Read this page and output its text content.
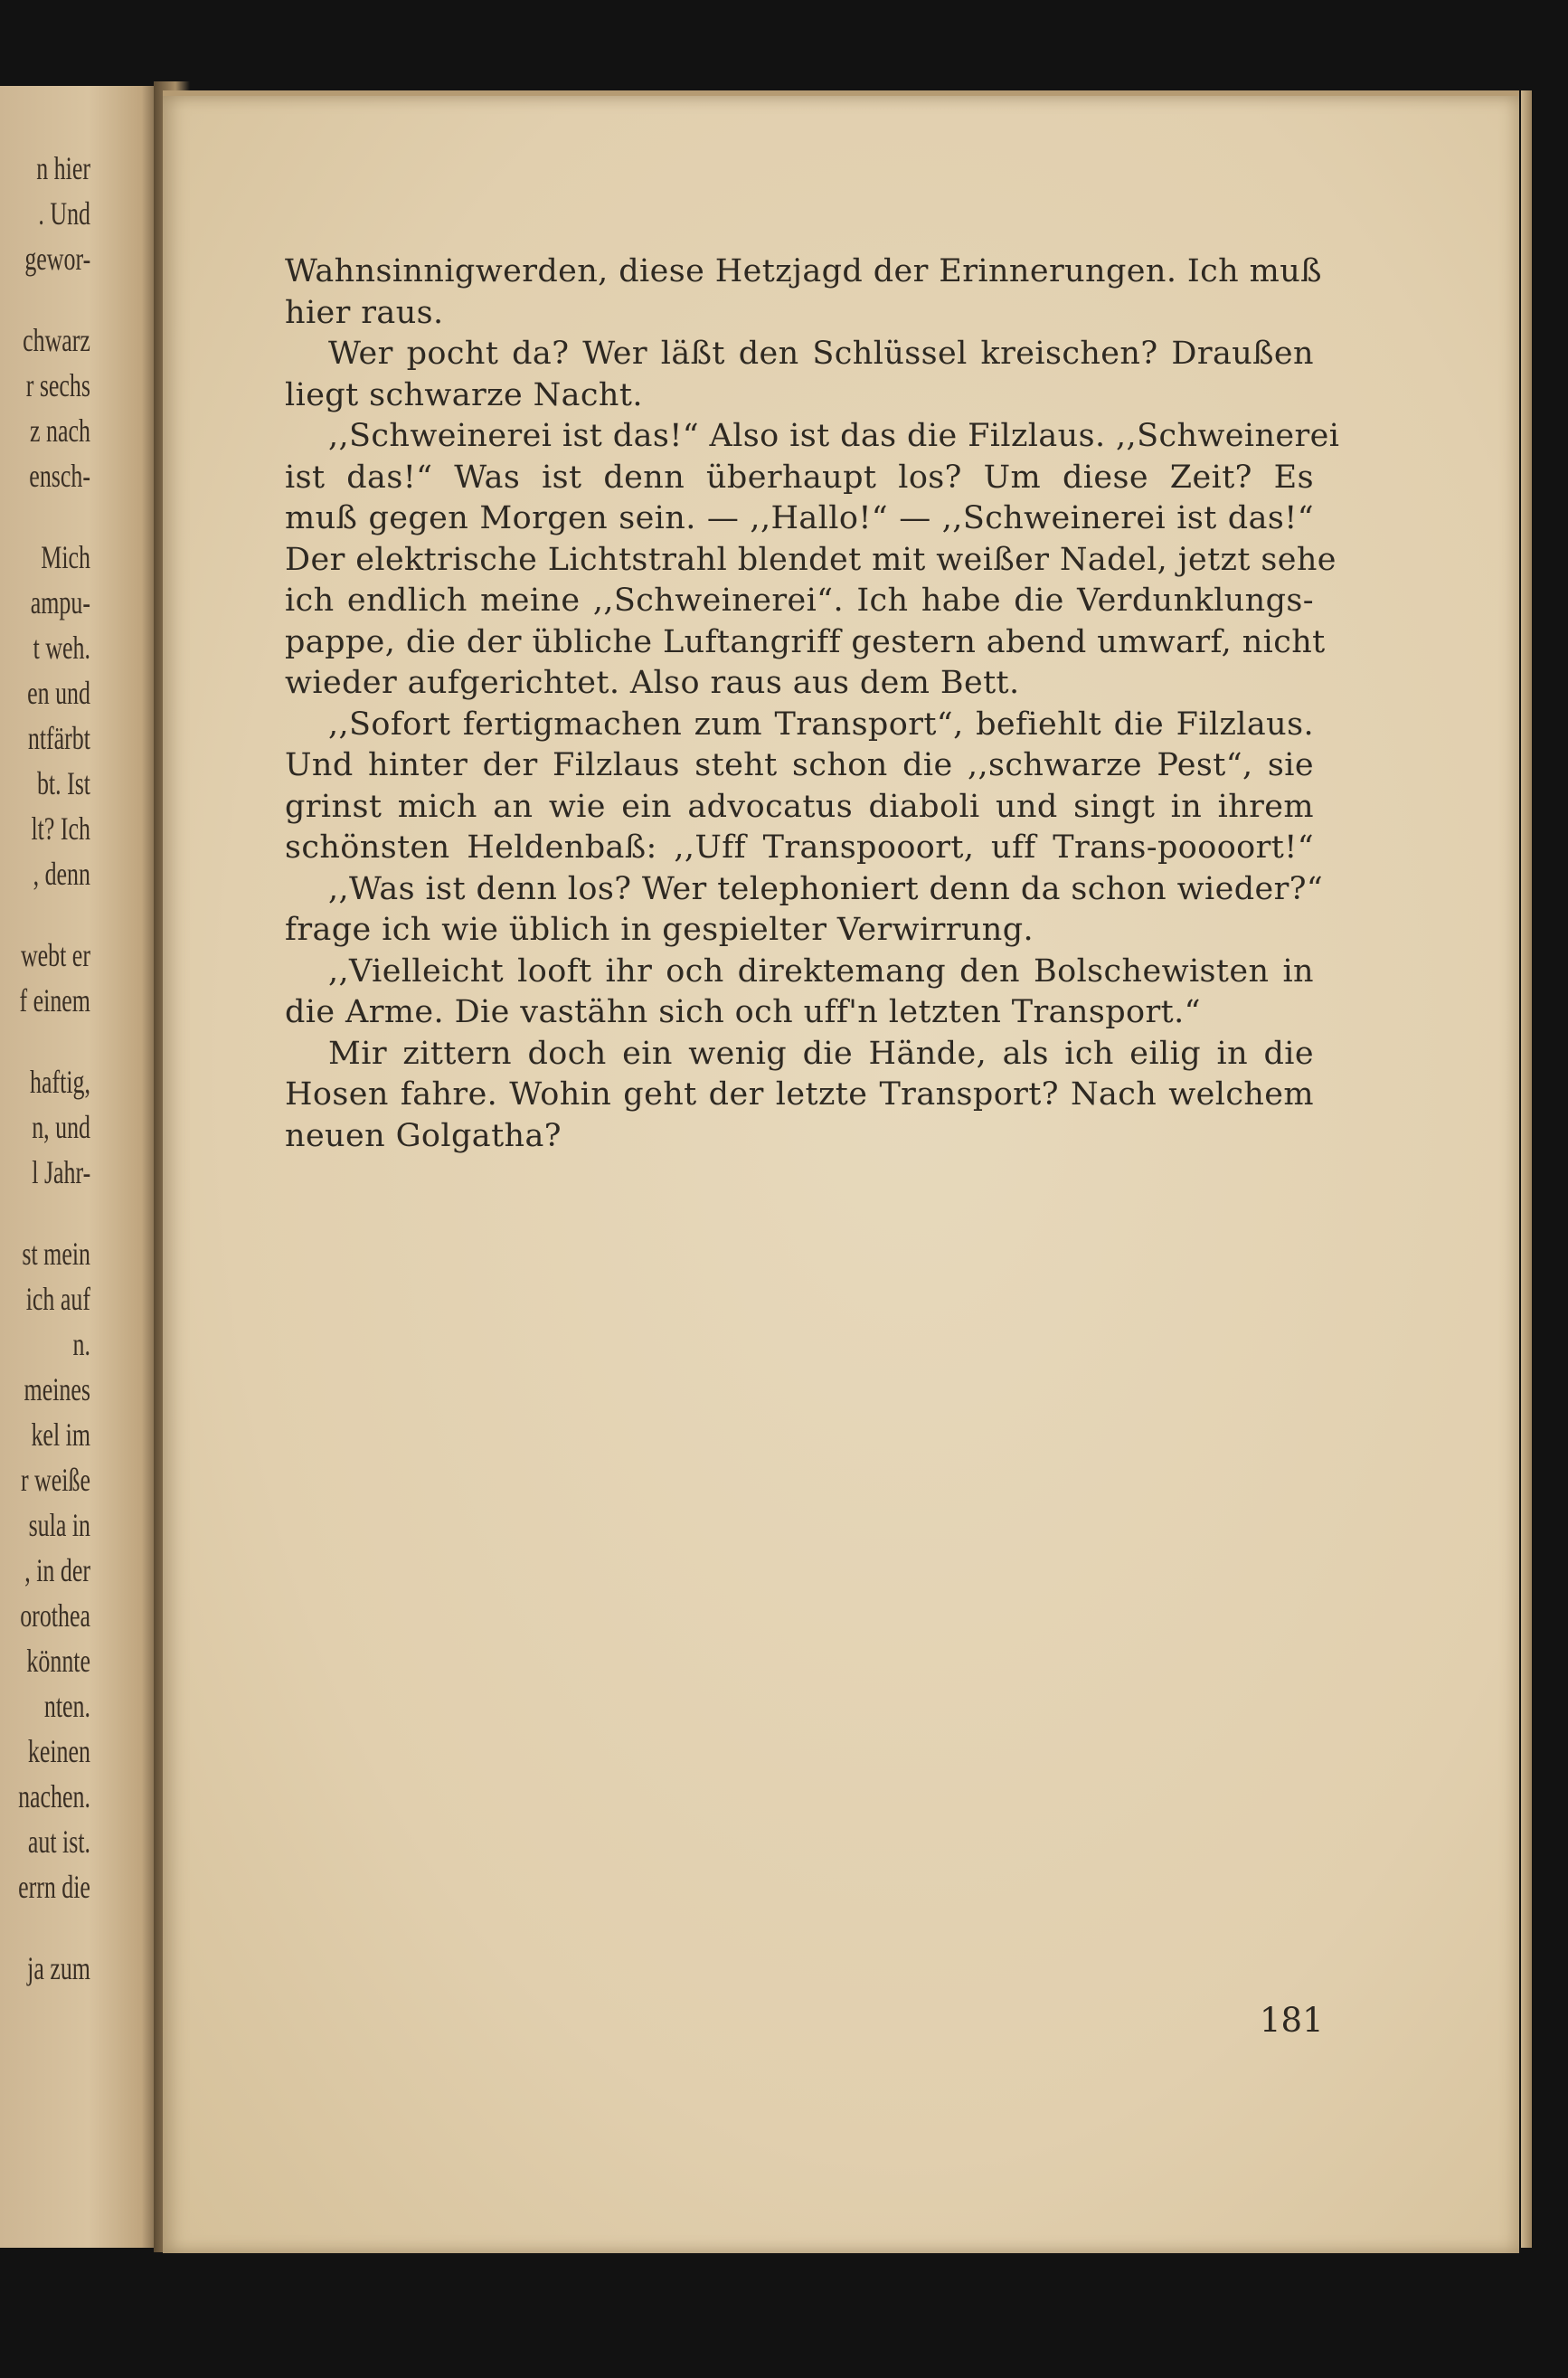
n hier
. Und
gewor-
chwarz
r sechs
z nach
ensch-
Mich
ampu-
t weh.
en und
ntfärbt
bt. Ist
lt? Ich
, denn
webt er
f einem
haftig,
n, und
l Jahr-
st mein
ich auf
n.
meines
kel im
r weiße
sula in
, in der
orothea
könnte
nten.
keinen
nachen.
aut ist.
errn die
ja zum
Wahnsinnigwerden, diese Hetzjagd der Erinnerungen. Ich muß
hier raus.
Wer pocht da? Wer läßt den Schlüssel kreischen? Draußen
liegt schwarze Nacht.
,,Schweinerei ist das!“ Also ist das die Filzlaus. ,,Schweinerei
ist das!“ Was ist denn überhaupt los? Um diese Zeit? Es
muß gegen Morgen sein. — ,,Hallo!“ — ,,Schweinerei ist das!“
Der elektrische Lichtstrahl blendet mit weißer Nadel, jetzt sehe
ich endlich meine ,,Schweinerei“. Ich habe die Verdunklungs-
pappe, die der übliche Luftangriff gestern abend umwarf, nicht
wieder aufgerichtet. Also raus aus dem Bett.
,,Sofort fertigmachen zum Transport“, befiehlt die Filzlaus.
Und hinter der Filzlaus steht schon die ,,schwarze Pest“, sie
grinst mich an wie ein advocatus diaboli und singt in ihrem
schönsten Heldenbaß: ,,Uff Transpooort, uff Trans-poooort!“
,,Was ist denn los? Wer telephoniert denn da schon wieder?“
frage ich wie üblich in gespielter Verwirrung.
,,Vielleicht looft ihr och direktemang den Bolschewisten in
die Arme. Die vastähn sich och uff'n letzten Transport.“
Mir zittern doch ein wenig die Hände, als ich eilig in die
Hosen fahre. Wohin geht der letzte Transport? Nach welchem
neuen Golgatha?
181
